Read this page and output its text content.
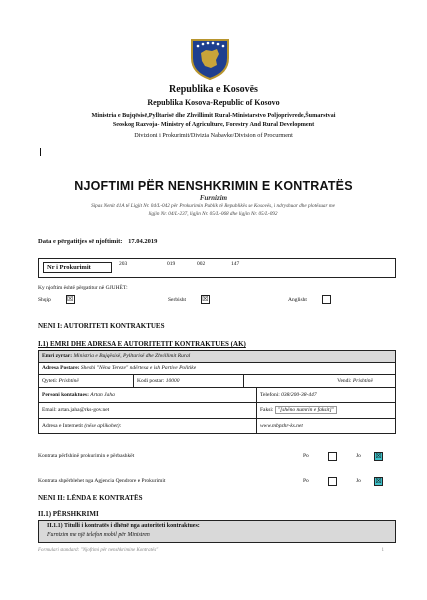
Republika e Kosovës
Republika Kosova-Republic of Kosovo
Ministria e Bujqësisë,Pylltarisë dhe Zhvillimit Rural-Ministarstvo Poljoprivrede,Šumarstvai
Seoskog Razvoja- Ministry of Agriculture, Forestry And Rural Development
Divizioni i Prokurimit/Divizia Nabavke/Division of Procurment
NJOFTIMI PËR NENSHKRIMIN E KONTRATËS
Furnizim
Sipas Nenit 41A të Ligjit Nr. 04/L-042 për Prokurimin Publik të Republikës se Kosovës, i ndryshuar dhe plotësuar me
ligjin Nr. 04/L-237, ligjin Nr. 05/L-068 dhe ligjin Nr. 05/L-092
Data e përgatitjes së njoftimit: 17.04.2019
Nr i Prokurimit	203	019	002	147
Ky njoftim është përgatitur në GJUHËT:
Shqip ☒	Serbisht ☒	Anglisht
NENI I: AUTORITETI KONTRAKTUES
I.1) EMRI DHE ADRESA E AUTORITETIT KONTRAKTUES (AK)
Emri zyrtar: Ministria e Bujqësisë, Pylltarisë dhe Zhvillimit Rural
Adresa Postare: Sheshi "Nëna Tereze" ndërtesa e ish Partive Politike
Qyteti: Prishtinë	Kodi postar: 10000	Vendi: Prishtinë
Personi kontaktues: Artan Jaha	Telefoni: 038/200-38-447
Email: artan.jaha@rks-gov.net	Faksi: "[shëno numrin e faksit]"
Adresa e Internetit (nëse aplikohet):	www.mbpzhr-ks.net
Kontrata përfshinë prokurimin e përbashkët	Po	Jo ☒
Kontrata shpërblehet nga Agjencia Qendrore e Prokurimit	Po	Jo ☒
NENI II: LËNDA E KONTRATËS
II.1) PËRSHKRIMI
II.1.1) Titulli i kontratës i dhënë nga autoriteti kontraktues:
Furnizim me një telefon mobil për Ministren
Formulari standard: "Njoftimi për nenshkrimine Kontratës"	1
